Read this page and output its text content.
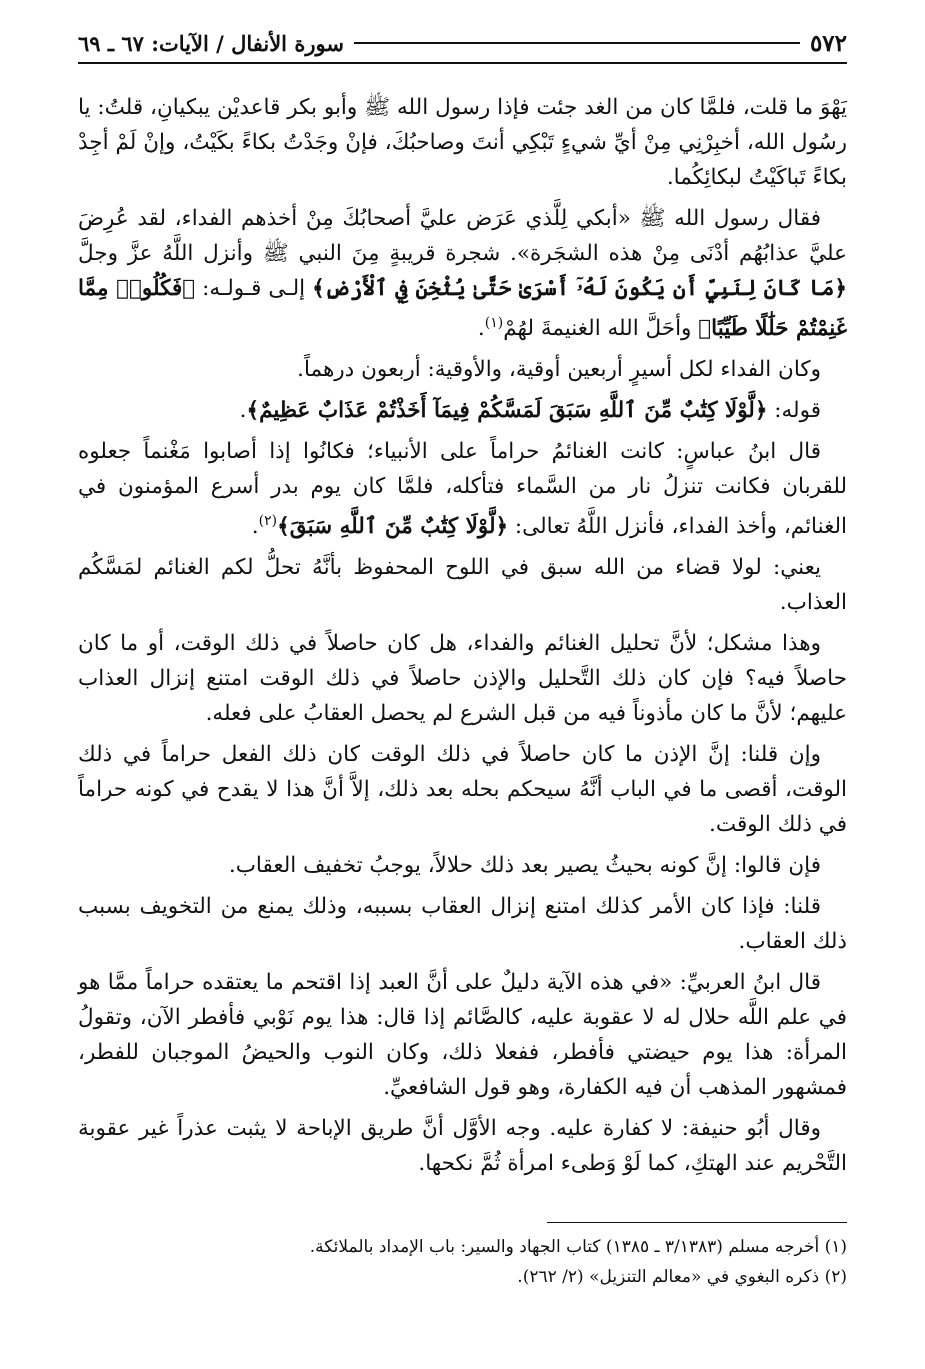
٥٧٢
سورة الأنفال / الآيات: ٦٧ ـ ٦٩

يَهْوَ ما قلت، فلمَّا كان من الغد جئت فإذا رسول الله ﷺ وأبو بكر قاعديْن يبكيانِ، قلتُ: يا رسُول الله، أخبِرْنِي مِنْ أيِّ شيءٍ تَبْكِي أنتَ وصاحبُكَ، فإنْ وجَدْتُ بكاءً بكَيْتُ، وإنْ لَمْ أجِدْ بكاءً تَباكَيْتُ لبكائِكُما.

فقال رسول الله ﷺ «أبكي لِلَّذي عَرَض عليَّ أصحابُكَ مِنْ أخذهم الفداء، لقد عُرِضَ عليَّ عذابُهُم أدْنَى مِنْ هذه الشجَرة». شجرة قريبةٍ مِنَ النبي ﷺ وأنزل اللَّهُ عزَّ وجلَّ ﴿مَا كَانَ لِنَبِيٍّ أَن يَكُونَ لَهُۥٓ أَسْرَىٰ حَتَّىٰ يُثْخِنَ فِي ٱلْأَرْضِ﴾ إلـى قـولـه: ﴿فَكُلُوا۟ مِمَّا غَنِمْتُمْ حَلَٰلًا طَيِّبًا﴾ وأحَلَّ الله الغنيمةَ لهُمْ$^{(١)}$.

وكان الفداء لكل أسيرٍ أربعين أوقية، والأوقية: أربعون درهماً.

قوله: ﴿لَّوْلَا كِتَٰبٌ مِّنَ ٱللَّهِ سَبَقَ لَمَسَّكُمْ فِيمَآ أَخَذْتُمْ عَذَابٌ عَظِيمٌ﴾.

قال ابنُ عباسٍ: كانت الغنائمُ حراماً على الأنبياء؛ فكانُوا إذا أصابوا مَغْنماً جعلوه للقربان فكانت تنزلُ نار من السَّماء فتأكله، فلمَّا كان يوم بدر أسرع المؤمنون في الغنائم، وأخذ الفداء، فأنزل اللَّهُ تعالى: ﴿لَّوْلَا كِتَٰبٌ مِّنَ ٱللَّهِ سَبَقَ﴾$^{(٢)}$.

يعني: لولا قضاء من الله سبق في اللوح المحفوظ بأنَّهُ تحلُّ لكم الغنائم لمَسَّكُم العذاب.

وهذا مشكل؛ لأنَّ تحليل الغنائم والفداء، هل كان حاصلاً في ذلك الوقت، أو ما كان حاصلاً فيه؟ فإن كان ذلك التَّحليل والإذن حاصلاً في ذلك الوقت امتنع إنزال العذاب عليهم؛ لأنَّ ما كان مأذوناً فيه من قبل الشرع لم يحصل العقابُ على فعله.

وإن قلنا: إنَّ الإذن ما كان حاصلاً في ذلك الوقت كان ذلك الفعل حراماً في ذلك الوقت، أقصى ما في الباب أنَّهُ سيحكم بحله بعد ذلك، إلاَّ أنَّ هذا لا يقدح في كونه حراماً في ذلك الوقت.

فإن قالوا: إنَّ كونه بحيثُ يصير بعد ذلك حلالاً، يوجبُ تخفيف العقاب.

قلنا: فإذا كان الأمر كذلك امتنع إنزال العقاب بسببه، وذلك يمنع من التخويف بسبب ذلك العقاب.

قال ابنُ العربيِّ: «في هذه الآية دليلٌ على أنَّ العبد إذا اقتحم ما يعتقده حراماً ممَّا هو في علم اللَّه حلال له لا عقوبة عليه، كالصَّائم إذا قال: هذا يوم نَوْبي فأفطر الآن، وتقولُ المرأة: هذا يوم حيضتي فأفطر، ففعلا ذلك، وكان النوب والحيضُ الموجبان للفطر، فمشهور المذهب أن فيه الكفارة، وهو قول الشافعيِّ.

وقال أبُو حنيفة: لا كفارة عليه. وجه الأوَّل أنَّ طريق الإباحة لا يثبت عذراً غير عقوبة التَّحْريم عند الهتكِ، كما لَوْ وَطىء امرأة ثُمَّ نكحها.

(١) أخرجه مسلم (٣/١٣٨٣ ـ ١٣٨٥) كتاب الجهاد والسير: باب الإمداد بالملائكة.
(٢) ذكره البغوي في «معالم التنزيل» (٢/ ٢٦٢).
